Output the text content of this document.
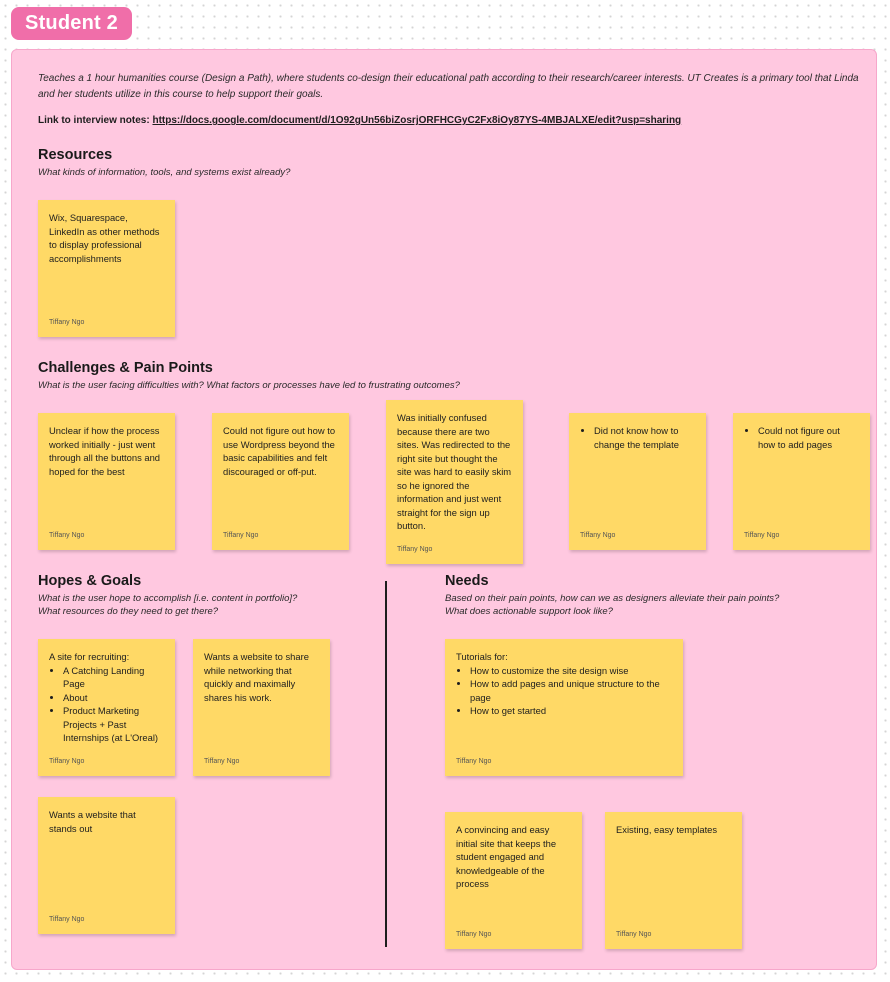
Student 2
Teaches a 1 hour humanities course (Design a Path), where students co-design their educational path according to their research/career interests. UT Creates is a primary tool that Linda and her students utilize in this course to help support their goals.
Link to interview notes: https://docs.google.com/document/d/1O92gUn56biZosrjORFHCGyC2Fx8iOy87YS-4MBJALXE/edit?usp=sharing
Resources
What kinds of information, tools, and systems exist already?
Wix, Squarespace, LinkedIn as other methods to display professional accomplishments
Tiffany Ngo
Challenges & Pain Points
What is the user facing difficulties with? What factors or processes have led to frustrating outcomes?
Unclear if how the process worked initially - just went through all the buttons and hoped for the best
Tiffany Ngo
Could not figure out how to use Wordpress beyond the basic capabilities and felt discouraged or off-put.
Tiffany Ngo
Was initially confused because there are two sites. Was redirected to the right site but thought the site was hard to easily skim so he ignored the information and just went straight for the sign up button.
Tiffany Ngo
• Did not know how to change the template
Tiffany Ngo
• Could not figure out how to add pages
Tiffany Ngo
Hopes & Goals
What is the user hope to accomplish [i.e. content in portfolio]?
What resources do they need to get there?
A site for recruiting:
• A Catching Landing Page
• About
• Product Marketing Projects + Past Internships (at L'Oreal)
Tiffany Ngo
Wants a website to share while networking that quickly and maximally shares his work.
Tiffany Ngo
Wants a website that stands out
Tiffany Ngo
Needs
Based on their pain points, how can we as designers alleviate their pain points?
What does actionable support look like?
Tutorials for:
• How to customize the site design wise
• How to add pages and unique structure to the page
• How to get started
Tiffany Ngo
A convincing and easy initial site that keeps the student engaged and knowledgeable of the process
Tiffany Ngo
Existing, easy templates
Tiffany Ngo
